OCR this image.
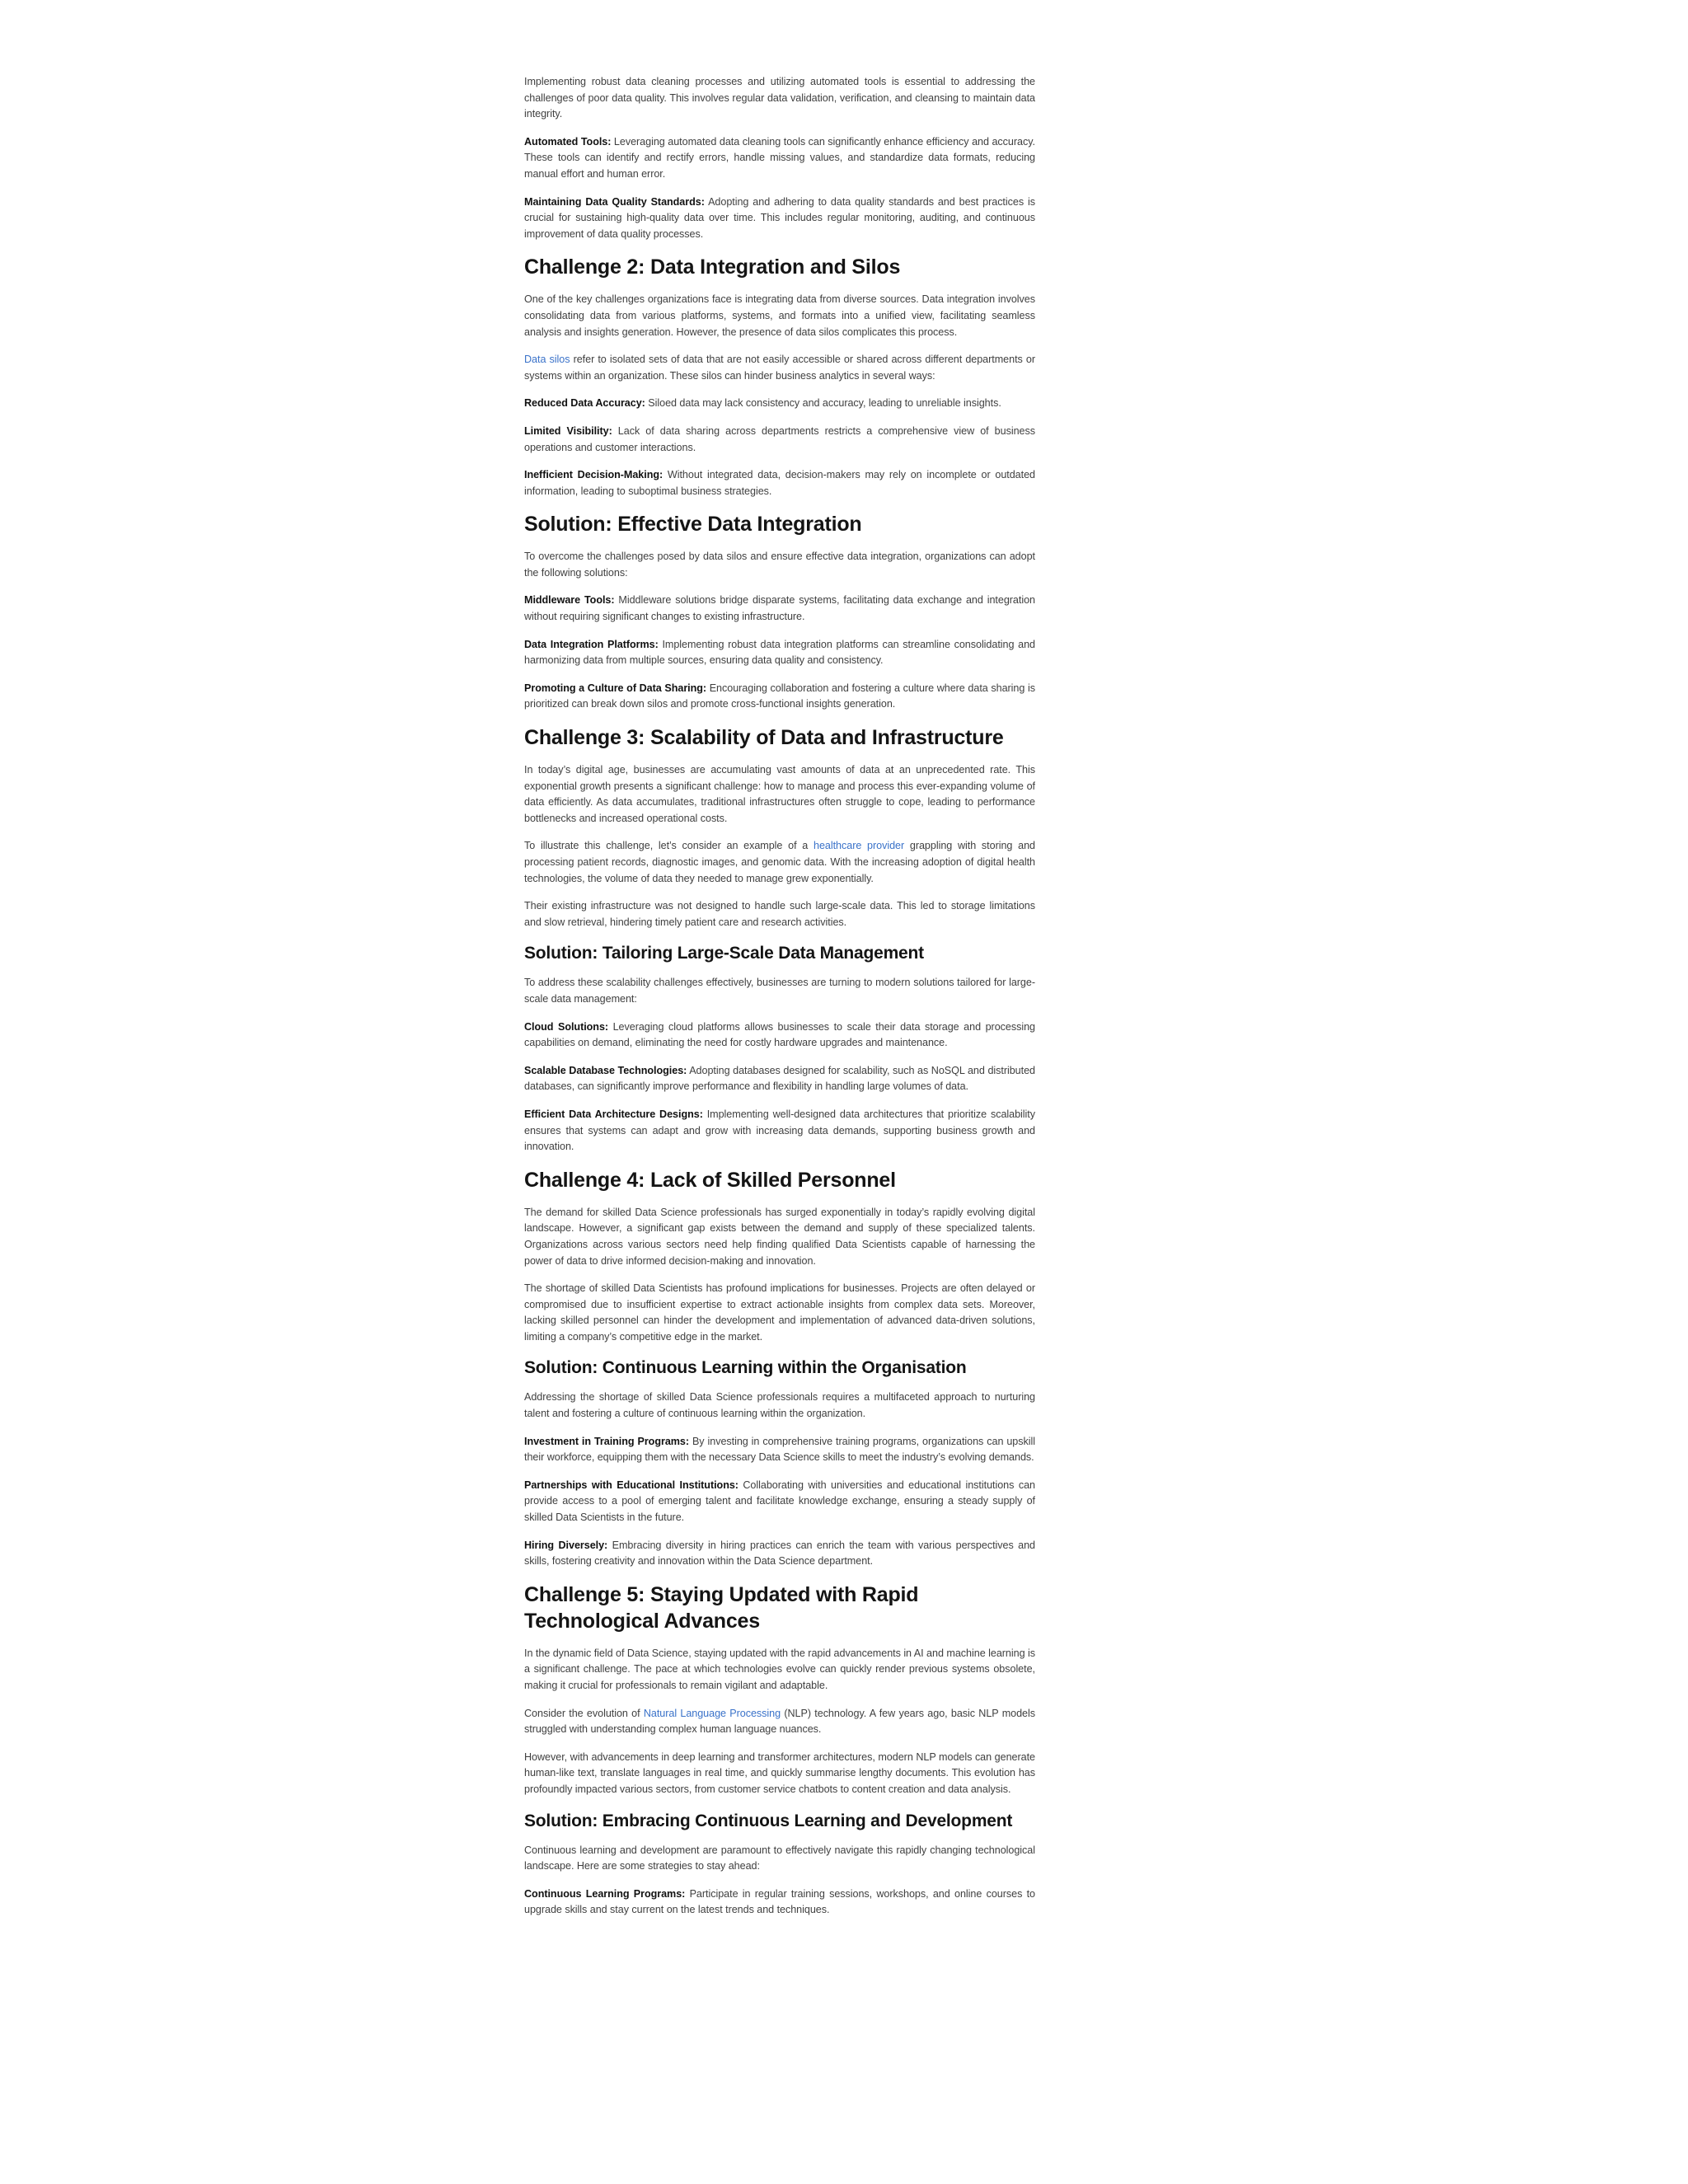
Implementing robust data cleaning processes and utilizing automated tools is essential to addressing the challenges of poor data quality. This involves regular data validation, verification, and cleansing to maintain data integrity.

Automated Tools: Leveraging automated data cleaning tools can significantly enhance efficiency and accuracy. These tools can identify and rectify errors, handle missing values, and standardize data formats, reducing manual effort and human error.

Maintaining Data Quality Standards: Adopting and adhering to data quality standards and best practices is crucial for sustaining high-quality data over time. This includes regular monitoring, auditing, and continuous improvement of data quality processes.

Challenge 2: Data Integration and Silos

One of the key challenges organizations face is integrating data from diverse sources. Data integration involves consolidating data from various platforms, systems, and formats into a unified view, facilitating seamless analysis and insights generation. However, the presence of data silos complicates this process.

Data silos refer to isolated sets of data that are not easily accessible or shared across different departments or systems within an organization. These silos can hinder business analytics in several ways:

Reduced Data Accuracy: Siloed data may lack consistency and accuracy, leading to unreliable insights.

Limited Visibility: Lack of data sharing across departments restricts a comprehensive view of business operations and customer interactions.

Inefficient Decision-Making: Without integrated data, decision-makers may rely on incomplete or outdated information, leading to suboptimal business strategies.

Solution: Effective Data Integration

To overcome the challenges posed by data silos and ensure effective data integration, organizations can adopt the following solutions:

Middleware Tools: Middleware solutions bridge disparate systems, facilitating data exchange and integration without requiring significant changes to existing infrastructure.

Data Integration Platforms: Implementing robust data integration platforms can streamline consolidating and harmonizing data from multiple sources, ensuring data quality and consistency.

Promoting a Culture of Data Sharing: Encouraging collaboration and fostering a culture where data sharing is prioritized can break down silos and promote cross-functional insights generation.

Challenge 3: Scalability of Data and Infrastructure

In today’s digital age, businesses are accumulating vast amounts of data at an unprecedented rate. This exponential growth presents a significant challenge: how to manage and process this ever-expanding volume of data efficiently. As data accumulates, traditional infrastructures often struggle to cope, leading to performance bottlenecks and increased operational costs.

To illustrate this challenge, let’s consider an example of a healthcare provider grappling with storing and processing patient records, diagnostic images, and genomic data. With the increasing adoption of digital health technologies, the volume of data they needed to manage grew exponentially.

Their existing infrastructure was not designed to handle such large-scale data. This led to storage limitations and slow retrieval, hindering timely patient care and research activities.

Solution: Tailoring Large-Scale Data Management

To address these scalability challenges effectively, businesses are turning to modern solutions tailored for large-scale data management:

Cloud Solutions: Leveraging cloud platforms allows businesses to scale their data storage and processing capabilities on demand, eliminating the need for costly hardware upgrades and maintenance.

Scalable Database Technologies: Adopting databases designed for scalability, such as NoSQL and distributed databases, can significantly improve performance and flexibility in handling large volumes of data.

Efficient Data Architecture Designs: Implementing well-designed data architectures that prioritize scalability ensures that systems can adapt and grow with increasing data demands, supporting business growth and innovation.

Challenge 4: Lack of Skilled Personnel

The demand for skilled Data Science professionals has surged exponentially in today’s rapidly evolving digital landscape. However, a significant gap exists between the demand and supply of these specialized talents. Organizations across various sectors need help finding qualified Data Scientists capable of harnessing the power of data to drive informed decision-making and innovation.

The shortage of skilled Data Scientists has profound implications for businesses. Projects are often delayed or compromised due to insufficient expertise to extract actionable insights from complex data sets. Moreover, lacking skilled personnel can hinder the development and implementation of advanced data-driven solutions, limiting a company’s competitive edge in the market.

Solution: Continuous Learning within the Organisation

Addressing the shortage of skilled Data Science professionals requires a multifaceted approach to nurturing talent and fostering a culture of continuous learning within the organization.

Investment in Training Programs: By investing in comprehensive training programs, organizations can upskill their workforce, equipping them with the necessary Data Science skills to meet the industry’s evolving demands.

Partnerships with Educational Institutions: Collaborating with universities and educational institutions can provide access to a pool of emerging talent and facilitate knowledge exchange, ensuring a steady supply of skilled Data Scientists in the future.

Hiring Diversely: Embracing diversity in hiring practices can enrich the team with various perspectives and skills, fostering creativity and innovation within the Data Science department.

Challenge 5: Staying Updated with Rapid Technological Advances

In the dynamic field of Data Science, staying updated with the rapid advancements in AI and machine learning is a significant challenge. The pace at which technologies evolve can quickly render previous systems obsolete, making it crucial for professionals to remain vigilant and adaptable.

Consider the evolution of Natural Language Processing (NLP) technology. A few years ago, basic NLP models struggled with understanding complex human language nuances.

However, with advancements in deep learning and transformer architectures, modern NLP models can generate human-like text, translate languages in real time, and quickly summarise lengthy documents. This evolution has profoundly impacted various sectors, from customer service chatbots to content creation and data analysis.

Solution: Embracing Continuous Learning and Development

Continuous learning and development are paramount to effectively navigate this rapidly changing technological landscape. Here are some strategies to stay ahead:

Continuous Learning Programs: Participate in regular training sessions, workshops, and online courses to upgrade skills and stay current on the latest trends and techniques.
